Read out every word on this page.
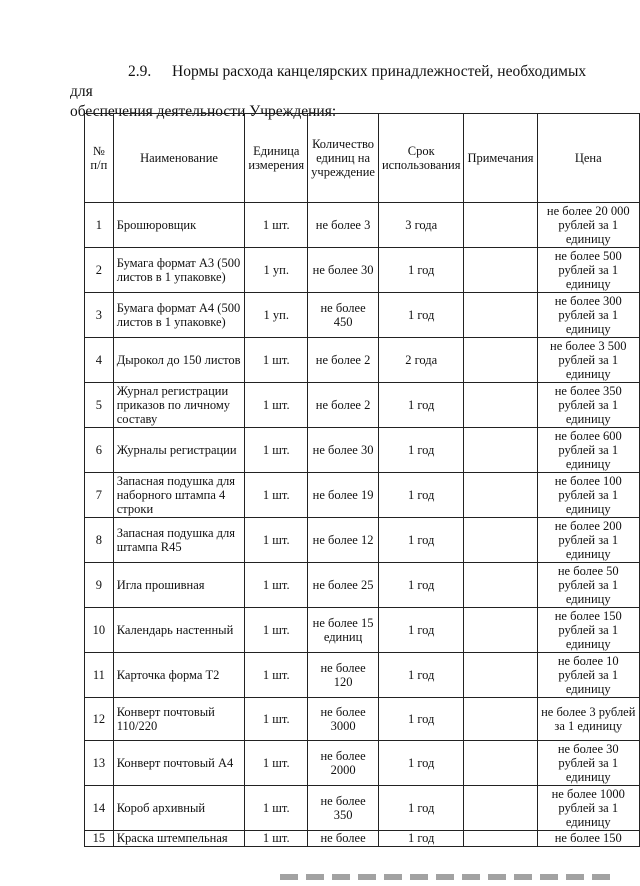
2.9. Нормы расхода канцелярских принадлежностей, необходимых для
обеспечения деятельности Учреждения:
№ п/п	Наименование	Единица измерения	Количество единиц на учреждение	Срок использования	Примечания	Цена
1	Брошюровщик	1 шт.	не более 3	3 года		не более 20 000 рублей за 1 единицу
2	Бумага формат А3 (500 листов в 1 упаковке)	1 уп.	не более 30	1 год		не более 500 рублей за 1 единицу
3	Бумага формат А4 (500 листов в 1 упаковке)	1 уп.	не более 450	1 год		не более 300 рублей за 1 единицу
4	Дырокол до 150 листов	1 шт.	не более 2	2 года		не более 3 500 рублей за 1 единицу
5	Журнал регистрации приказов по личному составу	1 шт.	не более 2	1 год		не более 350 рублей за 1 единицу
6	Журналы регистрации	1 шт.	не более 30	1 год		не более 600 рублей за 1 единицу
7	Запасная подушка для наборного штампа 4 строки	1 шт.	не более 19	1 год		не более 100 рублей за 1 единицу
8	Запасная подушка для штампа R45	1 шт.	не более 12	1 год		не более 200 рублей за 1 единицу
9	Игла прошивная	1 шт.	не более 25	1 год		не более 50 рублей за 1 единицу
10	Календарь настенный	1 шт.	не более 15 единиц	1 год		не более 150 рублей за 1 единицу
11	Карточка форма Т2	1 шт.	не более 120	1 год		не более 10 рублей за 1 единицу
12	Конверт почтовый 110/220	1 шт.	не более 3000	1 год		не более 3 рублей за 1 единицу
13	Конверт почтовый А4	1 шт.	не более 2000	1 год		не более 30 рублей за 1 единицу
14	Короб архивный	1 шт.	не более 350	1 год		не более 1000 рублей за 1 единицу
15	Краска штемпельная	1 шт.	не более	1 год		не более 150
